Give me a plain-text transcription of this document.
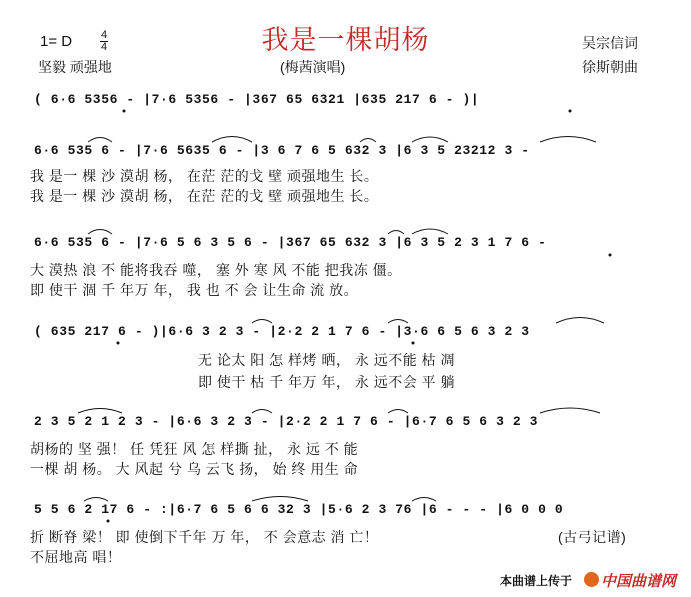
我是一棵胡杨
1= D	4
4
坚毅 顽强地	(梅茜演唱)
吴宗信词
徐斯朝曲
( 6·6 5356 - |7·6 5356 - |367 65 6321 |635 217 6 - )|
6·6 535 6 - |7·6 5635 6 - |3 6 7 6 5 632 3 |6 3 5 23212 3 -
我 是一 棵 沙 漠胡 杨， 在茫 茫的戈 壁 顽强地生 长。
我 是一 棵 沙 漠胡 杨， 在茫 茫的戈 壁 顽强地生 长。
6·6 535 6 - |7·6 5 6 3 5 6 - |367 65 632 3 |6 3 5 2 3 1 7 6 -
大 漠热 浪 不 能将我吞 噬， 塞 外 寒 风 不能 把我冻 僵。
即 使干 涸 千 年万 年， 我 也 不 会 让生命 流 放。
( 635 217 6 - )|6·6 3 2 3 - |2·2 2 1 7 6 - |3·6 6 5 6 3 2 3
无 论太 阳 怎 样烤 晒， 永 远不能 枯 凋
即 使干 枯 千 年万 年， 永 远不会 平 躺
2 3 5 2 1 2 3 - |6·6 3 2 3 - |2·2 2 1 7 6 - |6·7 6 5 6 3 2 3
胡杨的 坚 强！ 任 凭狂 风 怎 样撕 扯， 永 远 不 能
一棵 胡 杨。 大 风起 兮 乌 云飞 扬， 始 终 用生 命
5 5 6 2 17 6 - :|6·7 6 5 6 6 32 3 |5·6 2 3 76 |6 - - - |6 0 0 0
折 断脊 梁！ 即 使倒下千年 万 年， 不 会意志 消 亡！
不屈地高 唱！
(古弓记谱)
本曲谱上传于 中国曲谱网
